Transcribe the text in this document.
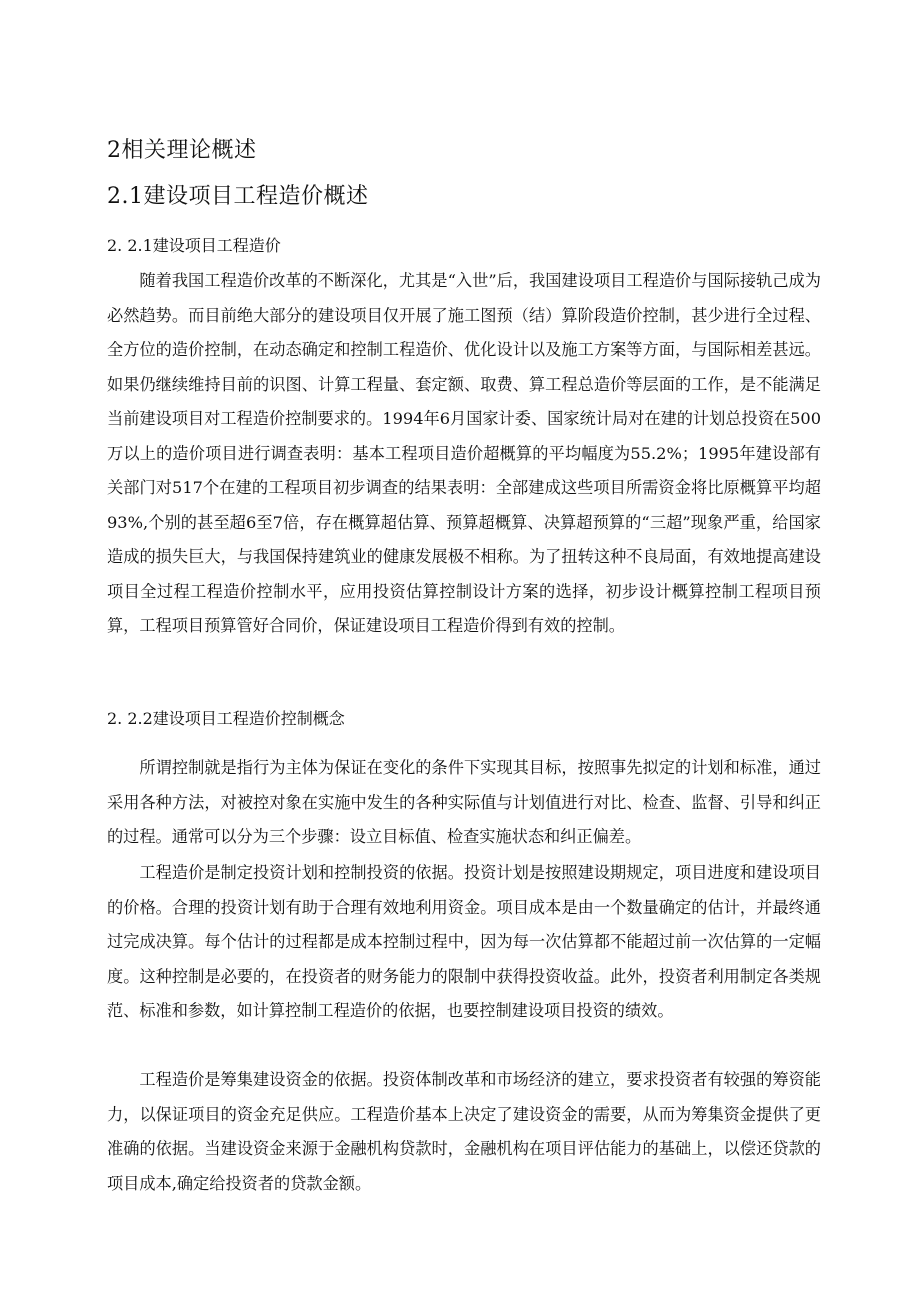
2相关理论概述
2.1建设项目工程造价概述
2. 2.1建设项目工程造价

随着我国工程造价改革的不断深化，尤其是“入世”后，我国建设项目工程造价与国际接轨己成为必然趋势。而目前绝大部分的建设项目仅开展了施工图预（结）算阶段造价控制，甚少进行全过程、全方位的造价控制，在动态确定和控制工程造价、优化设计以及施工方案等方面，与国际相差甚远。如果仍继续维持目前的识图、计算工程量、套定额、取费、算工程总造价等层面的工作，是不能满足当前建设项目对工程造价控制要求的。1994年6月国家计委、国家统计局对在建的计划总投资在500万以上的造价项目进行调查表明：基本工程项目造价超概算的平均幅度为55.2%；1995年建设部有关部门对517个在建的工程项目初步调查的结果表明：全部建成这些项目所需资金将比原概算平均超93%,个别的甚至超6至7倍，存在概算超估算、预算超概算、决算超预算的“三超”现象严重，给国家造成的损失巨大，与我国保持建筑业的健康发展极不相称。为了扭转这种不良局面，有效地提高建设项目全过程工程造价控制水平，应用投资估算控制设计方案的选择，初步设计概算控制工程项目预算，工程项目预算管好合同价，保证建设项目工程造价得到有效的控制。

2. 2.2建设项目工程造价控制概念

所谓控制就是指行为主体为保证在变化的条件下实现其目标，按照事先拟定的计划和标准，通过采用各种方法，对被控对象在实施中发生的各种实际值与计划值进行对比、检查、监督、引导和纠正的过程。通常可以分为三个步骤：设立目标值、检查实施状态和纠正偏差。

工程造价是制定投资计划和控制投资的依据。投资计划是按照建设期规定，项目进度和建设项目的价格。合理的投资计划有助于合理有效地利用资金。项目成本是由一个数量确定的估计，并最终通过完成决算。每个估计的过程都是成本控制过程中，因为每一次估算都不能超过前一次估算的一定幅度。这种控制是必要的，在投资者的财务能力的限制中获得投资收益。此外，投资者利用制定各类规范、标准和参数，如计算控制工程造价的依据，也要控制建设项目投资的绩效。

工程造价是筹集建设资金的依据。投资体制改革和市场经济的建立，要求投资者有较强的筹资能力，以保证项目的资金充足供应。工程造价基本上决定了建设资金的需要，从而为筹集资金提供了更准确的依据。当建设资金来源于金融机构贷款时，金融机构在项目评估能力的基础上，以偿还贷款的项目成本,确定给投资者的贷款金额。
